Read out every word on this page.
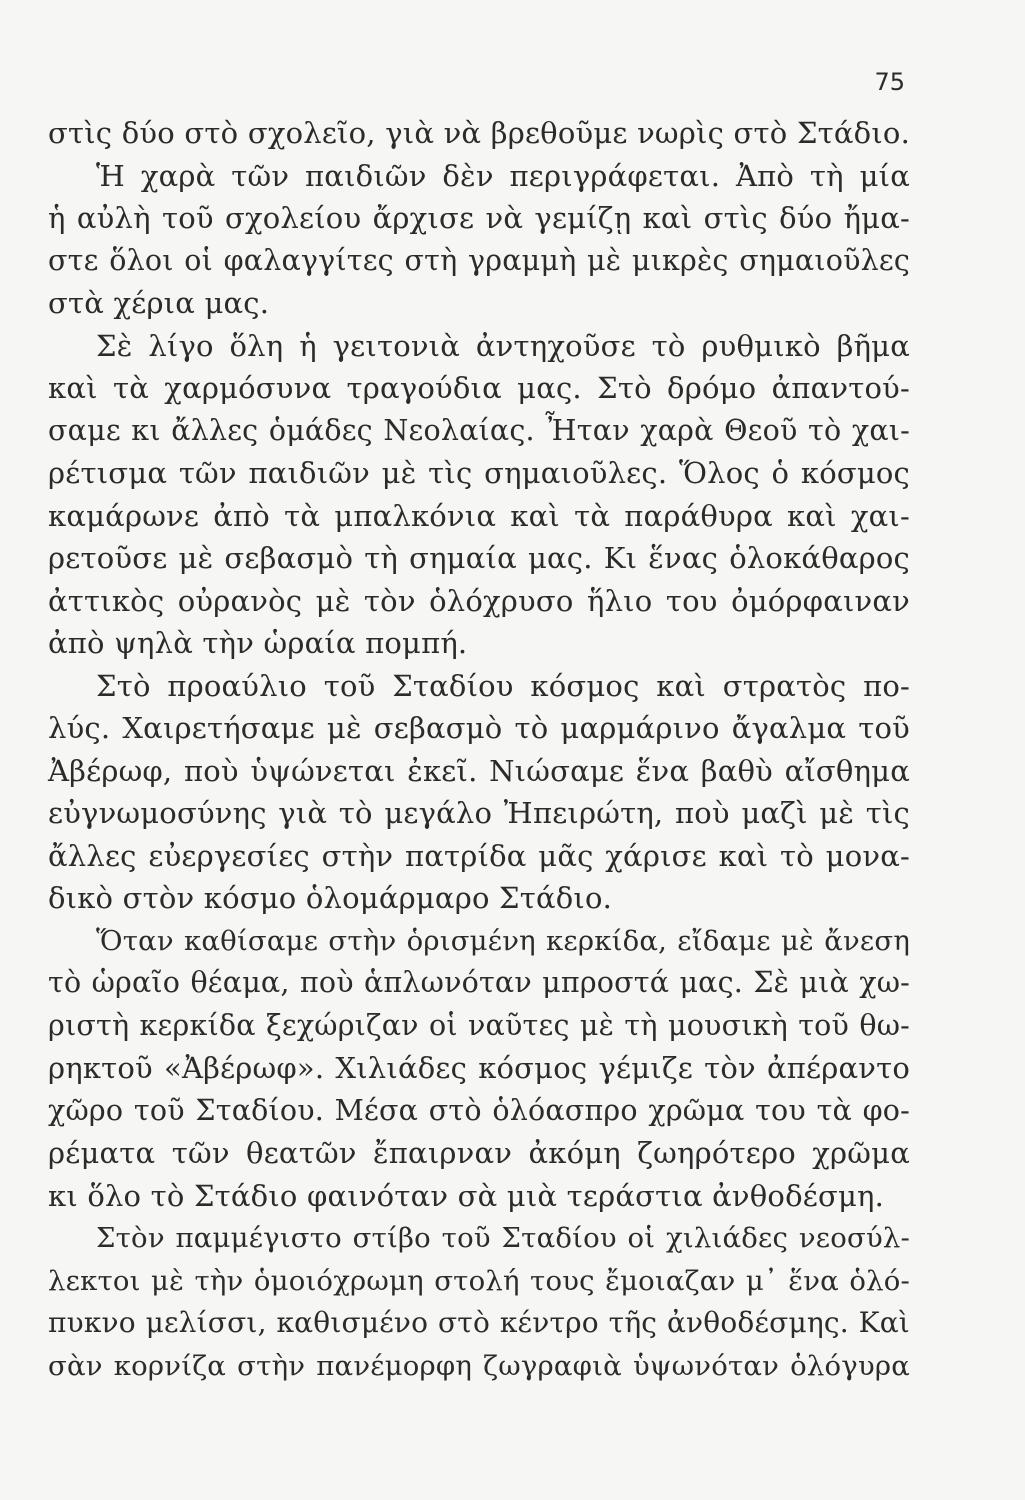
75
στὶς δύο στὸ σχολεῖο, γιὰ νὰ βρεθοῦμε νωρὶς στὸ Στάδιο.
Ἡ χαρὰ τῶν παιδιῶν δὲν περιγράφεται. Ἀπὸ τὴ μία
ἡ αὐλὴ τοῦ σχολείου ἄρχισε νὰ γεμίζῃ καὶ στὶς δύο ἤμα-
στε ὅλοι οἱ φαλαγγίτες στὴ γραμμὴ μὲ μικρὲς σημαιοῦλες
στὰ χέρια μας.
Σὲ λίγο ὅλη ἡ γειτονιὰ ἀντηχοῦσε τὸ ρυθμικὸ βῆμα
καὶ τὰ χαρμόσυνα τραγούδια μας. Στὸ δρόμο ἀπαντού-
σαμε κι ἄλλες ὁμάδες Νεολαίας. Ἦταν χαρὰ Θεοῦ τὸ χαι-
ρέτισμα τῶν παιδιῶν μὲ τὶς σημαιοῦλες. Ὅλος ὁ κόσμος
καμάρωνε ἀπὸ τὰ μπαλκόνια καὶ τὰ παράθυρα καὶ χαι-
ρετοῦσε μὲ σεβασμὸ τὴ σημαία μας. Κι ἕνας ὁλοκάθαρος
ἀττικὸς οὐρανὸς μὲ τὸν ὁλόχρυσο ἥλιο του ὀμόρφαιναν
ἀπὸ ψηλὰ τὴν ὡραία πομπή.
Στὸ προαύλιο τοῦ Σταδίου κόσμος καὶ στρατὸς πο-
λύς. Χαιρετήσαμε μὲ σεβασμὸ τὸ μαρμάρινο ἄγαλμα τοῦ
Ἀβέρωφ, ποὺ ὑψώνεται ἐκεῖ. Νιώσαμε ἕνα βαθὺ αἴσθημα
εὐγνωμοσύνης γιὰ τὸ μεγάλο Ἠπειρώτη, ποὺ μαζὶ μὲ τὶς
ἄλλες εὐεργεσίες στὴν πατρίδα μᾶς χάρισε καὶ τὸ μονα-
δικὸ στὸν κόσμο ὁλομάρμαρο Στάδιο.
Ὅταν καθίσαμε στὴν ὁρισμένη κερκίδα, εἴδαμε μὲ ἄνεση
τὸ ὡραῖο θέαμα, ποὺ ἁπλωνόταν μπροστά μας. Σὲ μιὰ χω-
ριστὴ κερκίδα ξεχώριζαν οἱ ναῦτες μὲ τὴ μουσικὴ τοῦ θω-
ρηκτοῦ «Ἀβέρωφ». Χιλιάδες κόσμος γέμιζε τὸν ἀπέραντο
χῶρο τοῦ Σταδίου. Μέσα στὸ ὁλόασπρο χρῶμα του τὰ φο-
ρέματα τῶν θεατῶν ἔπαιρναν ἀκόμη ζωηρότερο χρῶμα
κι ὅλο τὸ Στάδιο φαινόταν σὰ μιὰ τεράστια ἀνθοδέσμη.
Στὸν παμμέγιστο στίβο τοῦ Σταδίου οἱ χιλιάδες νεοσύλ-
λεκτοι μὲ τὴν ὁμοιόχρωμη στολή τους ἔμοιαζαν μ᾿ ἕνα ὁλό-
πυκνο μελίσσι, καθισμένο στὸ κέντρο τῆς ἀνθοδέσμης. Καὶ
σὰν κορνίζα στὴν πανέμορφη ζωγραφιὰ ὑψωνόταν ὁλόγυρα
